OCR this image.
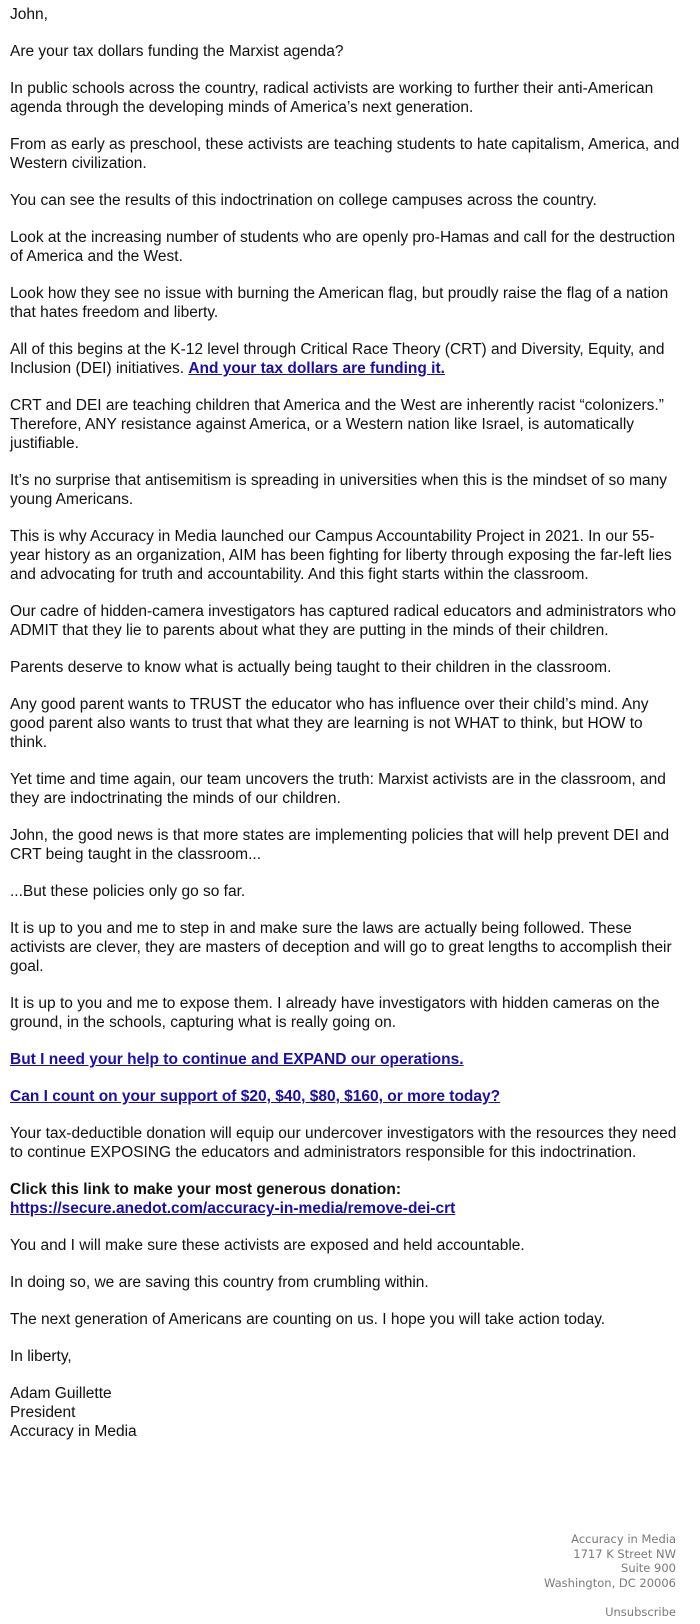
John,

Are your tax dollars funding the Marxist agenda?

In public schools across the country, radical activists are working to further their anti-American agenda through the developing minds of America’s next generation.

From as early as preschool, these activists are teaching students to hate capitalism, America, and Western civilization.

You can see the results of this indoctrination on college campuses across the country.

Look at the increasing number of students who are openly pro-Hamas and call for the destruction of America and the West.

Look how they see no issue with burning the American flag, but proudly raise the flag of a nation that hates freedom and liberty.

All of this begins at the K-12 level through Critical Race Theory (CRT) and Diversity, Equity, and Inclusion (DEI) initiatives. And your tax dollars are funding it.

CRT and DEI are teaching children that America and the West are inherently racist “colonizers.” Therefore, ANY resistance against America, or a Western nation like Israel, is automatically justifiable.

It’s no surprise that antisemitism is spreading in universities when this is the mindset of so many young Americans.

This is why Accuracy in Media launched our Campus Accountability Project in 2021. In our 55-year history as an organization, AIM has been fighting for liberty through exposing the far-left lies and advocating for truth and accountability. And this fight starts within the classroom.

Our cadre of hidden-camera investigators has captured radical educators and administrators who ADMIT that they lie to parents about what they are putting in the minds of their children.

Parents deserve to know what is actually being taught to their children in the classroom.

Any good parent wants to TRUST the educator who has influence over their child’s mind. Any good parent also wants to trust that what they are learning is not WHAT to think, but HOW to think.

Yet time and time again, our team uncovers the truth: Marxist activists are in the classroom, and they are indoctrinating the minds of our children.

John, the good news is that more states are implementing policies that will help prevent DEI and CRT being taught in the classroom...

...But these policies only go so far.

It is up to you and me to step in and make sure the laws are actually being followed. These activists are clever, they are masters of deception and will go to great lengths to accomplish their goal.

It is up to you and me to expose them. I already have investigators with hidden cameras on the ground, in the schools, capturing what is really going on.

But I need your help to continue and EXPAND our operations.

Can I count on your support of $20, $40, $80, $160, or more today?

Your tax-deductible donation will equip our undercover investigators with the resources they need to continue EXPOSING the educators and administrators responsible for this indoctrination.

Click this link to make your most generous donation:
https://secure.anedot.com/accuracy-in-media/remove-dei-crt

You and I will make sure these activists are exposed and held accountable.

In doing so, we are saving this country from crumbling within.

The next generation of Americans are counting on us. I hope you will take action today.

In liberty,

Adam Guillette
President
Accuracy in Media

Accuracy in Media
1717 K Street NW
Suite 900
Washington, DC 20006
Unsubscribe
